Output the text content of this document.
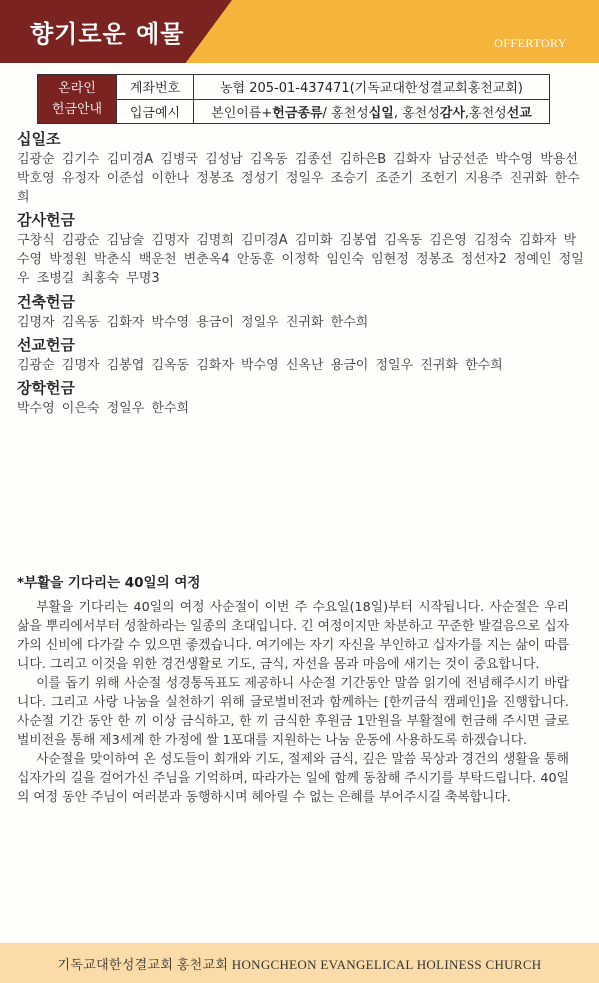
향기로운 예물	OFFERTORY
온라인
헌금안내	계좌번호	농협 205-01-437471(기독교대한성결교회홍천교회)
	입금예시	본인이름+헌금종류/ 홍천성십일, 홍천성감사,홍천성선교
십일조

김광순 김기수 김미경A 김병국 김성남 김옥동 김종선 김하은B 김화자 남궁선준 박수영 박용선 박호영 유정자 이준섭 이한나 정봉조 정성기 정일우 조승기 조준기 조헌기 지용주 진귀화 한수희

감사헌금

구창식 김광순 김남술 김명자 김명희 김미경A 김미화 김봉엽 김옥동 김은영 김정숙 김화자 박수영 박정원 박춘식 백운천 변춘옥4 안동훈 이정학 임인숙 임현정 정봉조 정선자2 정예인 정일우 조병길 최홍숙 무명3

건축헌금

김명자 김옥동 김화자 박수영 용금이 정일우 진귀화 한수희

선교헌금

김광순 김명자 김봉엽 김옥동 김화자 박수영 신옥난 용금이 정일우 진귀화 한수희

장학헌금

박수영 이은숙 정일우 한수희

*부활을 기다리는 40일의 여정

부활을 기다리는 40일의 여정 사순절이 이번 주 수요일(18일)부터 시작됩니다. 사순절은 우리 삶을 뿌리에서부터 성찰하라는 일종의 초대입니다. 긴 여정이지만 차분하고 꾸준한 발걸음으로 십자가의 신비에 다가갈 수 있으면 좋겠습니다. 여기에는 자기 자신을 부인하고 십자가를 지는 삶이 따릅니다. 그리고 이것을 위한 경건생활로 기도, 금식, 자선을 몸과 마음에 새기는 것이 중요합니다.

이를 돕기 위해 사순절 성경통독표도 제공하니 사순절 기간동안 말씀 읽기에 전념해주시기 바랍니다. 그리고 사랑 나눔을 실천하기 위해 글로벌비전과 함께하는 [한끼금식 캠페인]을 진행합니다. 사순절 기간 동안 한 끼 이상 금식하고, 한 끼 금식한 후원금 1만원을 부활절에 헌금해 주시면 글로벌비전을 통해 제3세계 한 가정에 쌀 1포대를 지원하는 나눔 운동에 사용하도록 하겠습니다.

사순절을 맞이하여 온 성도들이 회개와 기도, 절제와 금식, 깊은 말씀 묵상과 경건의 생활을 통해 십자가의 길을 걸어가신 주님을 기억하며, 따라가는 일에 함께 동참해 주시기를 부탁드립니다. 40일의 여정 동안 주님이 여러분과 동행하시며 헤아릴 수 없는 은혜를 부어주시길 축복합니다.

기독교대한성결교회 홍천교회 HONGCHEON EVANGELICAL HOLINESS CHURCH
